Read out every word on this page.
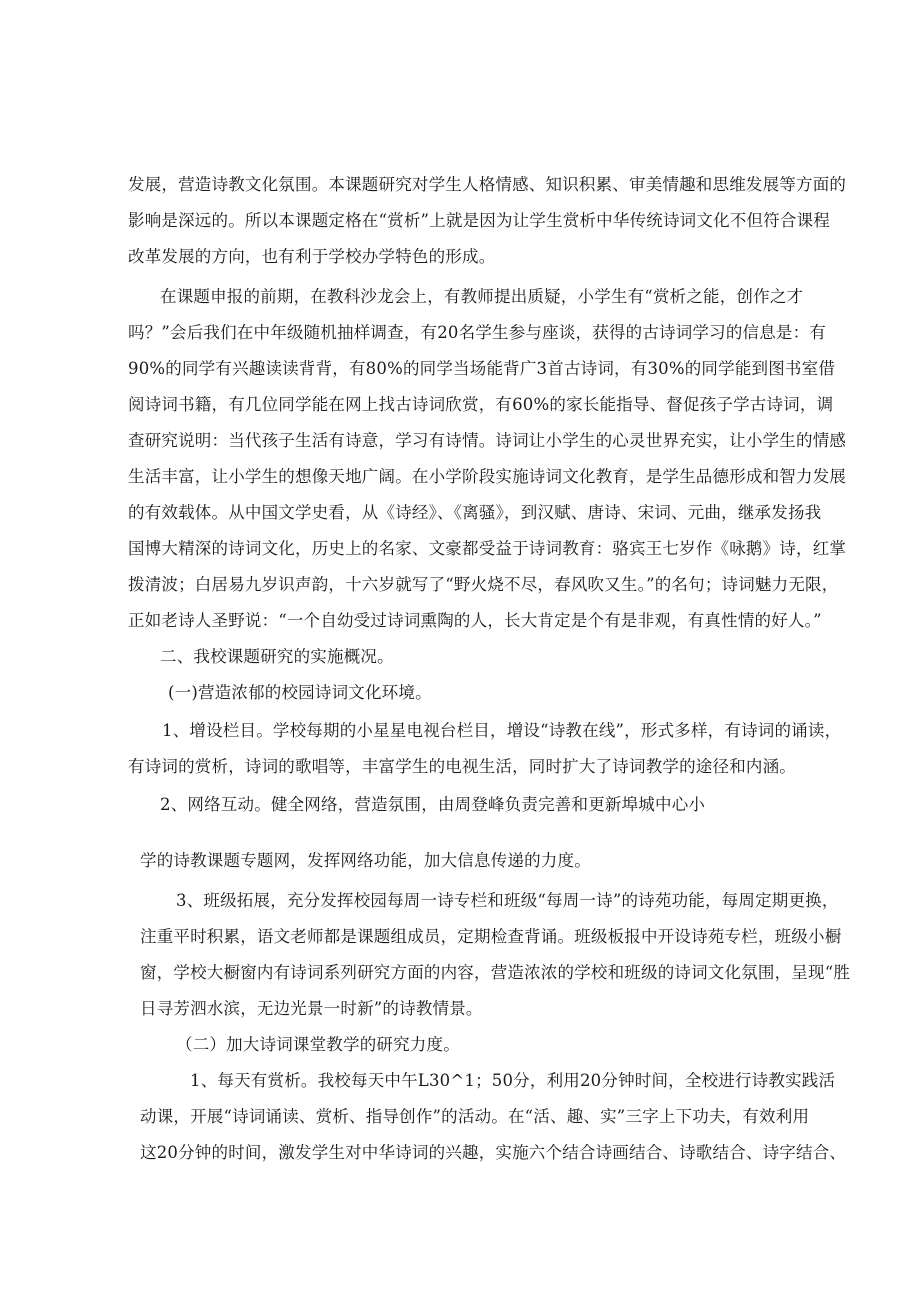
发展，营造诗教文化氛围。本课题研究对学生人格情感、知识积累、审美情趣和思维发展等方面的
影响是深远的。所以本课题定格在“赏析”上就是因为让学生赏析中华传统诗词文化不但符合课程
改革发展的方向，也有利于学校办学特色的形成。
在课题申报的前期，在教科沙龙会上，有教师提出质疑，小学生有“赏析之能，创作之才
吗？”会后我们在中年级随机抽样调查，有20名学生参与座谈，获得的古诗词学习的信息是：有
90%的同学有兴趣读读背背，有80%的同学当场能背广3首古诗词，有30%的同学能到图书室借
阅诗词书籍，有几位同学能在网上找古诗词欣赏，有60%的家长能指导、督促孩子学古诗词，调
查研究说明：当代孩子生活有诗意，学习有诗情。诗词让小学生的心灵世界充实，让小学生的情感
生活丰富，让小学生的想像天地广阔。在小学阶段实施诗词文化教育，是学生品德形成和智力发展
的有效载体。从中国文学史看，从《诗经》、《离骚》，到汉赋、唐诗、宋词、元曲，继承发扬我
国博大精深的诗词文化，历史上的名家、文豪都受益于诗词教育：骆宾王七岁作《咏鹅》诗，红掌
拨清波；白居易九岁识声韵，十六岁就写了“野火烧不尽，春风吹又生。”的名句；诗词魅力无限，
正如老诗人圣野说：“一个自幼受过诗词熏陶的人，长大肯定是个有是非观，有真性情的好人。”
二、我校课题研究的实施概况。
(一)营造浓郁的校园诗词文化环境。
1、增设栏目。学校每期的小星星电视台栏目，增设“诗教在线”，形式多样，有诗词的诵读，
有诗词的赏析，诗词的歌唱等，丰富学生的电视生活，同时扩大了诗词教学的途径和内涵。
2、网络互动。健全网络，营造氛围，由周登峰负责完善和更新埠城中心小
学的诗教课题专题网，发挥网络功能，加大信息传递的力度。
3、班级拓展，充分发挥校园每周一诗专栏和班级“每周一诗”的诗苑功能，每周定期更换，
注重平时积累，语文老师都是课题组成员，定期检查背诵。班级板报中开设诗苑专栏，班级小橱
窗，学校大橱窗内有诗词系列研究方面的内容，营造浓浓的学校和班级的诗词文化氛围，呈现“胜
日寻芳泗水滨，无边光景一时新”的诗教情景。
（二）加大诗词课堂教学的研究力度。
1、每天有赏析。我校每天中午L30^1；50分，利用20分钟时间，全校进行诗教实践活
动课，开展“诗词诵读、赏析、指导创作”的活动。在“活、趣、实”三字上下功夫，有效利用
这20分钟的时间，激发学生对中华诗词的兴趣，实施六个结合诗画结合、诗歌结合、诗字结合、
